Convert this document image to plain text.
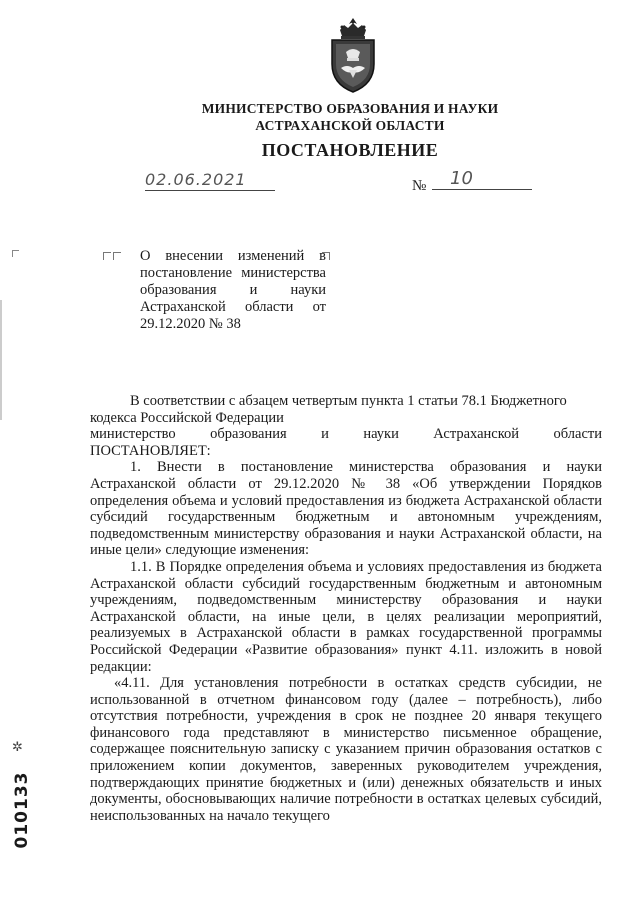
МИНИСТЕРСТВО ОБРАЗОВАНИЯ И НАУКИ
АСТРАХАНСКОЙ ОБЛАСТИ
ПОСТАНОВЛЕНИЕ
02.06.2021	№	10
О внесении изменений в постановление министерства образования и науки Астраханской области от 29.12.2020 № 38

В соответствии с абзацем четвертым пункта 1 статьи 78.1 Бюджетного кодекса Российской Федерации

министерство образования и науки Астраханской области

ПОСТАНОВЛЯЕТ:

1. Внести в постановление министерства образования и науки Астраханской области от 29.12.2020 № 38 «Об утверждении Порядков определения объема и условий предоставления из бюджета Астраханской области субсидий государственным бюджетным и автономным учреждениям, подведомственным министерству образования и науки Астраханской области, на иные цели» следующие изменения:

1.1. В Порядке определения объема и условиях предоставления из бюджета Астраханской области субсидий государственным бюджетным и автономным учреждениям, подведомственным министерству образования и науки Астраханской области, на иные цели, в целях реализации мероприятий, реализуемых в Астраханской области в рамках государственной программы Российской Федерации «Развитие образования» пункт 4.11. изложить в новой редакции:

«4.11. Для установления потребности в остатках средств субсидии, не использованной в отчетном финансовом году (далее – потребность), либо отсутствия потребности, учреждения в срок не позднее 20 января текущего финансового года представляют в министерство письменное обращение, содержащее пояснительную записку с указанием причин образования остатков с приложением копии документов, заверенных руководителем учреждения, подтверждающих принятие бюджетных и (или) денежных обязательств и иных документы, обосновывающих наличие потребности в остатках целевых субсидий, неиспользованных на начало текущего

✲
010133
